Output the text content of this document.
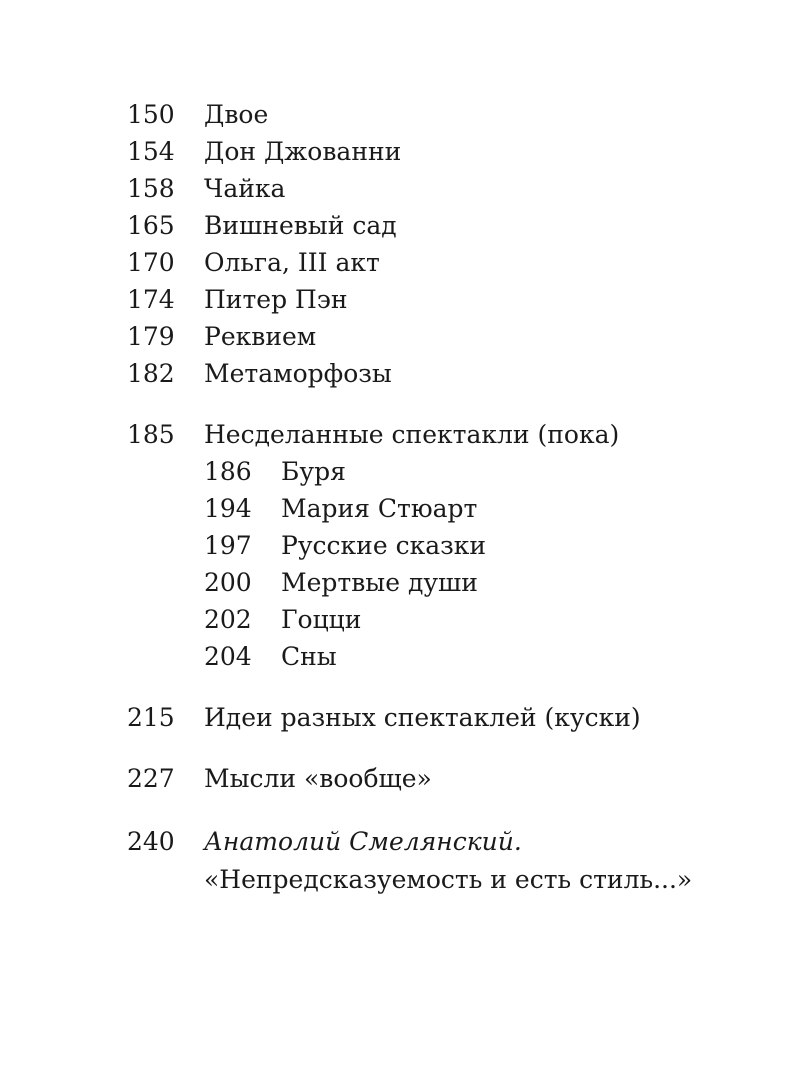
150 Двое
154 Дон Джованни
158 Чайка
165 Вишневый сад
170 Ольга, III акт
174 Питер Пэн
179 Реквием
182 Метаморфозы
185 Несделанные спектакли (пока)
186 Буря
194 Мария Стюарт
197 Русские сказки
200 Мертвые души
202 Гоцци
204 Сны
215 Идеи разных спектаклей (куски)
227 Мысли «вообще»
240 Анатолий Смелянский.
«Непредсказуемость и есть стиль...»
